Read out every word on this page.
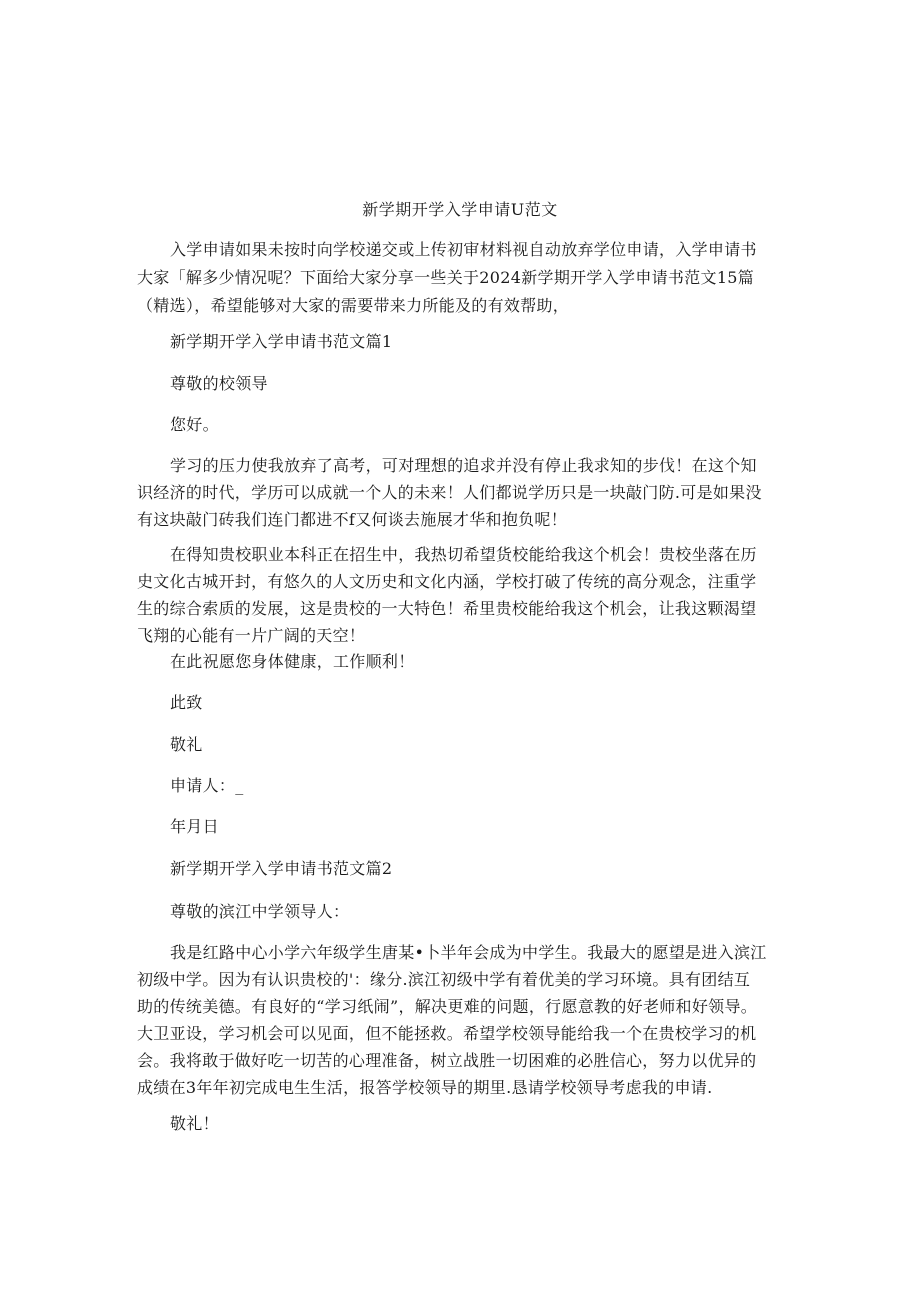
新学期开学入学申请U范文
入学申请如果未按时向学校递交或上传初审材料视自动放弃学位申请，入学申请书
大家「解多少情况呢？下面给大家分享一些关于2024新学期开学入学申请书范文15篇
（精选），希望能够对大家的需要带来力所能及的有效帮助，
新学期开学入学申请书范文篇1
尊敬的校领导
您好。
学习的压力使我放弃了高考，可对理想的追求并没有停止我求知的步伐！在这个知
识经济的时代，学历可以成就一个人的未来！人们都说学历只是一块敲门防.可是如果没
有这块敲门砖我们连门都进不f又何谈去施展才华和抱负呢！
在得知贵校职业本科正在招生中，我热切希望货校能给我这个机会！贵校坐落在历
史文化古城开封，有悠久的人文历史和文化内涵，学校打破了传统的高分观念，注重学
生的综合索质的发展，这是贵校的一大特色！希里贵校能给我这个机会，让我这颗渴望
飞翔的心能有一片广阔的天空！
在此祝愿您身体健康，工作顺利！
此致
敬礼
申请人：_
年月日
新学期开学入学申请书范文篇2
尊敬的滨江中学领导人：
我是红路中心小学六年级学生唐某•卜半年会成为中学生。我最大的愿望是进入滨江
初级中学。因为有认识贵校的'：缘分.滨江初级中学有着优美的学习环境。具有团结互
助的传统美德。有良好的“学习纸闹”，解决更难的问题，行愿意教的好老师和好领导。
大卫亚设，学习机会可以见面，但不能拯救。希望学校领导能给我一个在贵校学习的机
会。我将敢于做好吃一切苦的心理准备，树立战胜一切困难的必胜信心，努力以优异的
成绩在3年年初完成电生生活，报答学校领导的期里.恳请学校领导考虑我的申请.
敬礼！
